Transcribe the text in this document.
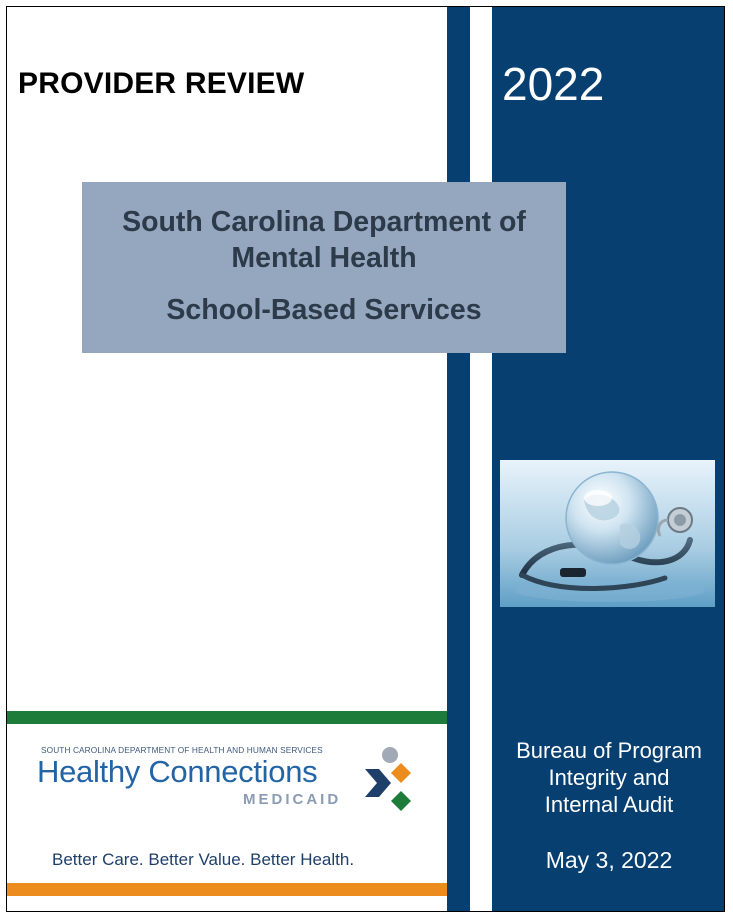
PROVIDER REVIEW	2022
South Carolina Department of
Mental Health
School-Based Services
Bureau of Program
Integrity and
Internal Audit
May 3, 2022
SOUTH CAROLINA DEPARTMENT OF HEALTH AND HUMAN SERVICES
Healthy Connections
MEDICAID
Better Care. Better Value. Better Health.
